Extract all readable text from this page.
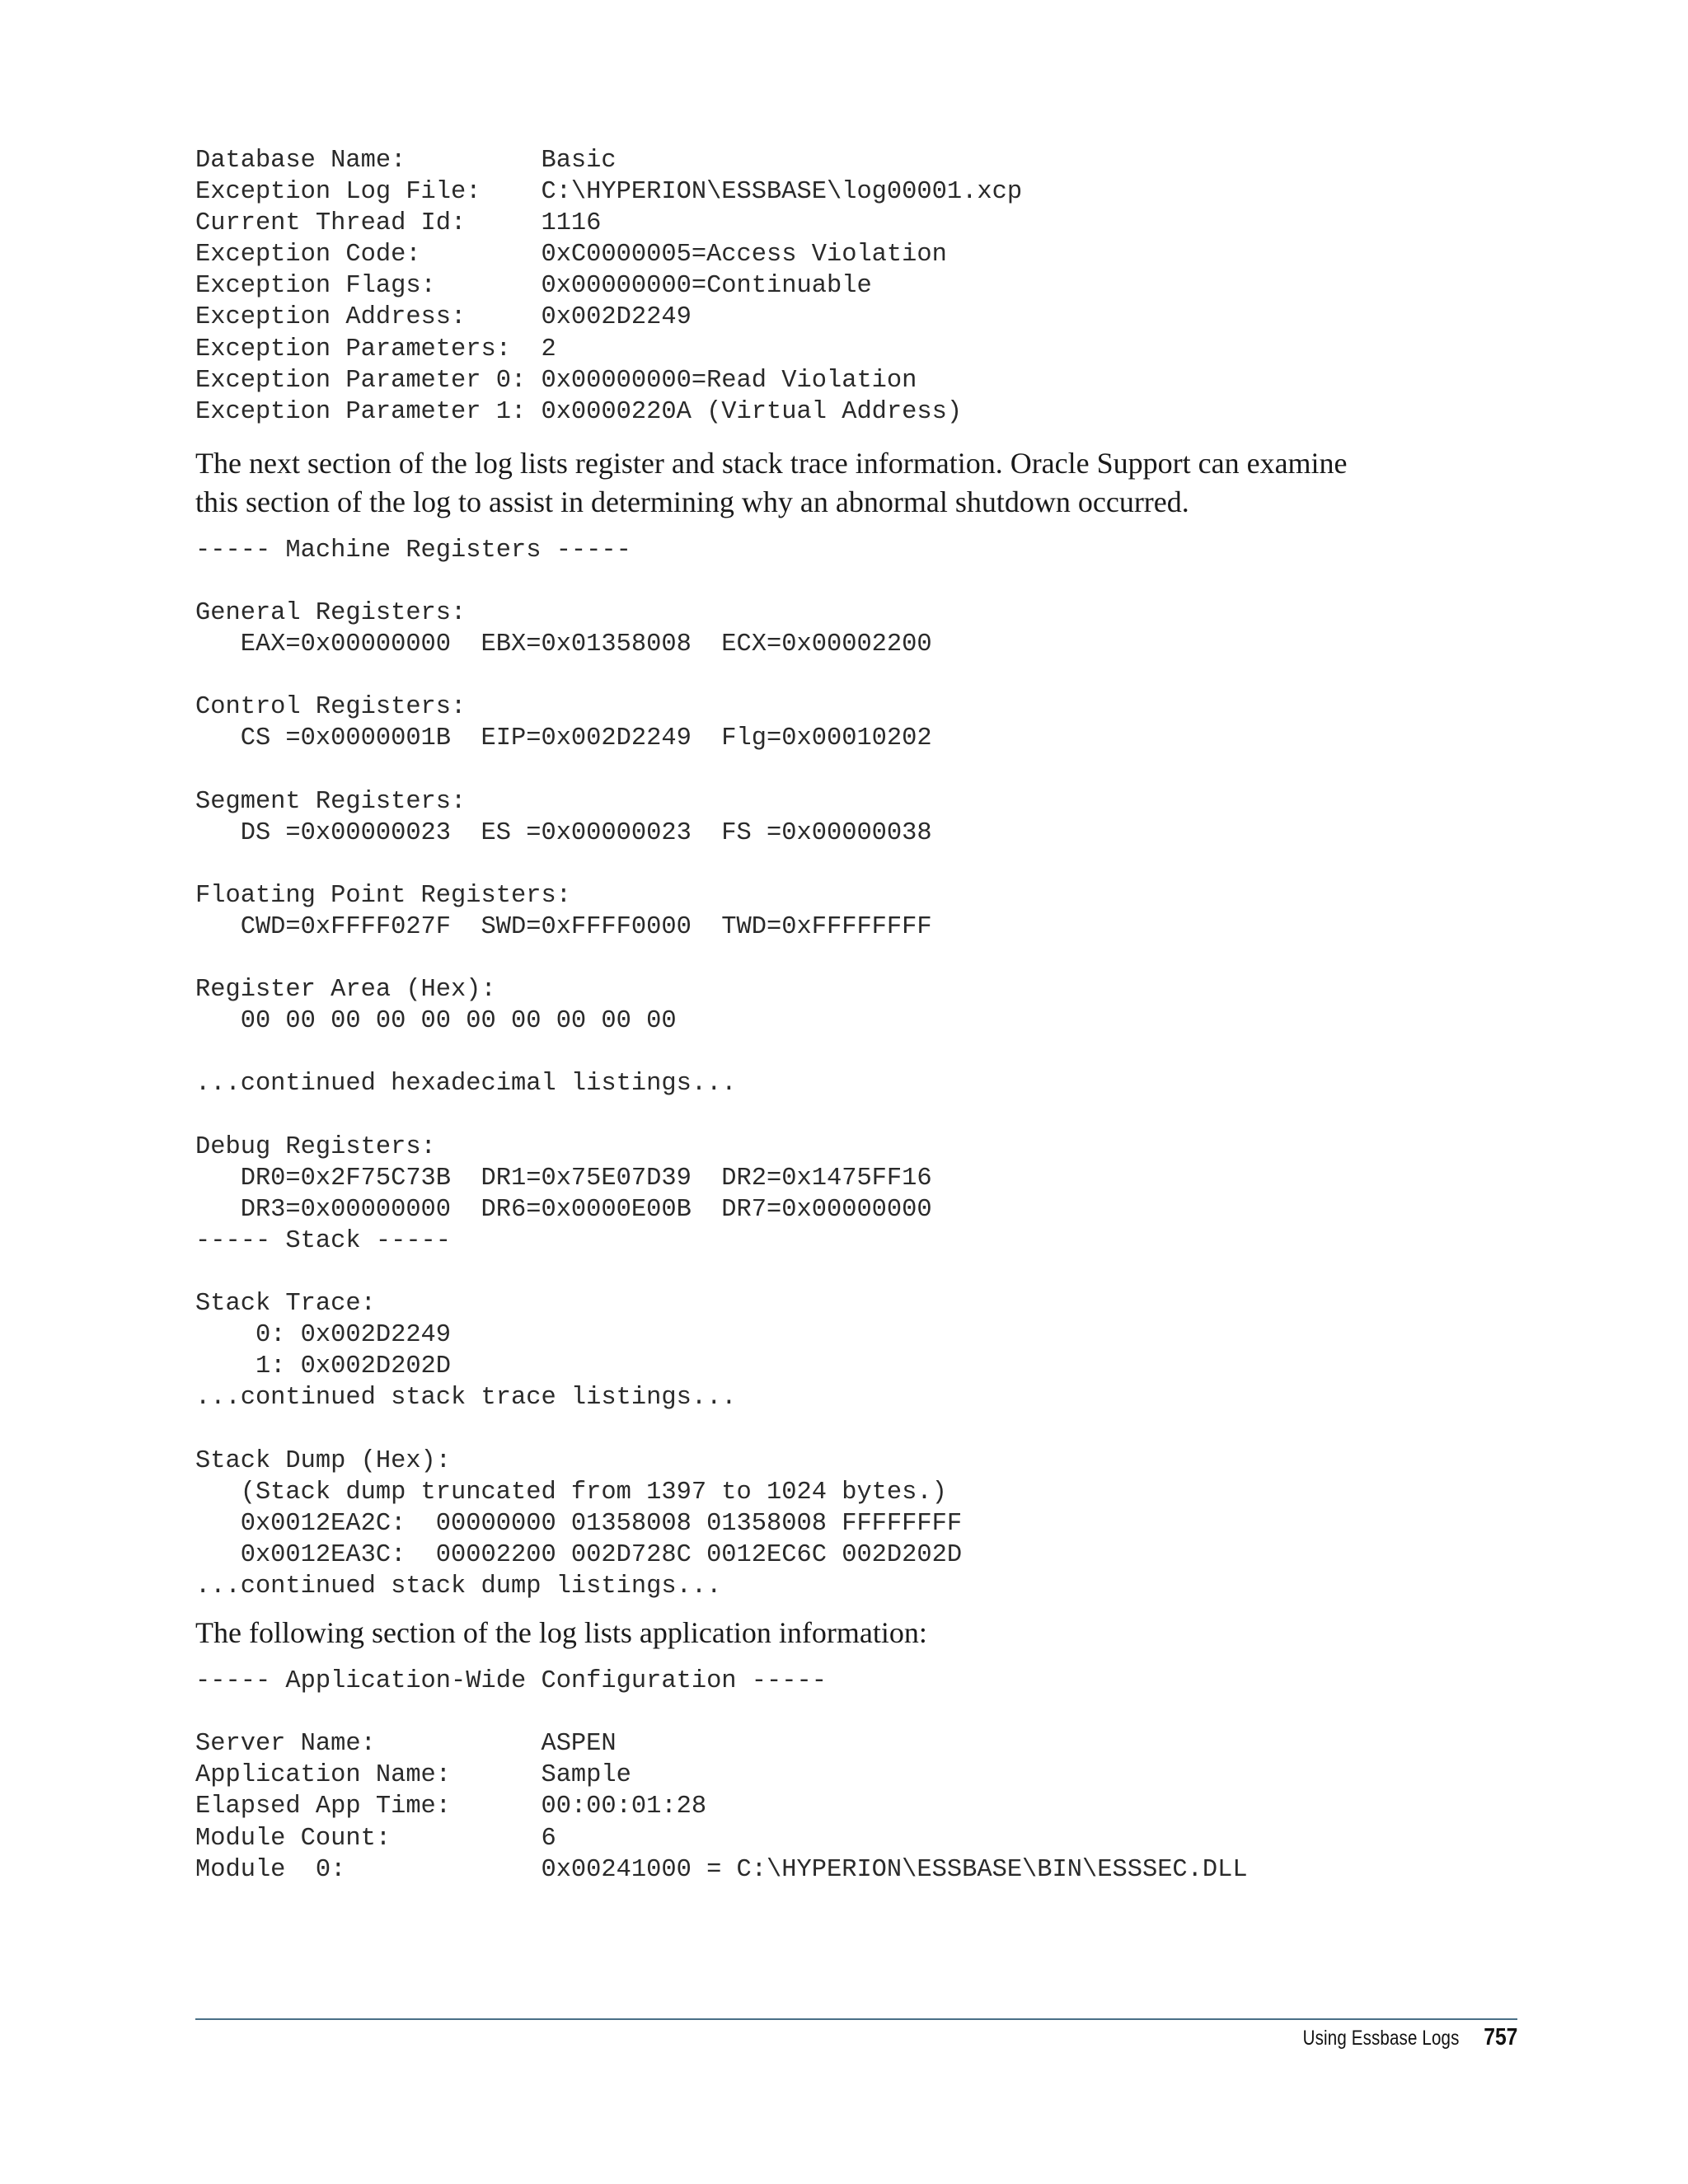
Database Name:         Basic
Exception Log File:    C:\HYPERION\ESSBASE\log00001.xcp
Current Thread Id:     1116
Exception Code:        0xC0000005=Access Violation
Exception Flags:       0x00000000=Continuable
Exception Address:     0x002D2249
Exception Parameters:  2
Exception Parameter 0: 0x00000000=Read Violation
Exception Parameter 1: 0x0000220A (Virtual Address)

The next section of the log lists register and stack trace information. Oracle Support can examine this section of the log to assist in determining why an abnormal shutdown occurred.

----- Machine Registers -----
General Registers:
EAX=0x00000000  EBX=0x01358008  ECX=0x00002200
Control Registers:
CS =0x0000001B  EIP=0x002D2249  Flg=0x00010202
Segment Registers:
DS =0x00000023  ES =0x00000023  FS =0x00000038
Floating Point Registers:
CWD=0xFFFF027F  SWD=0xFFFF0000  TWD=0xFFFFFFFF
Register Area (Hex):
00 00 00 00 00 00 00 00 00 00
...continued hexadecimal listings...
Debug Registers:
DR0=0x2F75C73B  DR1=0x75E07D39  DR2=0x1475FF16
DR3=0x00000000  DR6=0x0000E00B  DR7=0x00000000
----- Stack -----
Stack Trace:
0: 0x002D2249
1: 0x002D202D
...continued stack trace listings...
Stack Dump (Hex):
(Stack dump truncated from 1397 to 1024 bytes.)
0x0012EA2C:  00000000 01358008 01358008 FFFFFFFF
0x0012EA3C:  00002200 002D728C 0012EC6C 002D202D
...continued stack dump listings...

The following section of the log lists application information:

----- Application-Wide Configuration -----
Server Name:           ASPEN
Application Name:      Sample
Elapsed App Time:      00:00:01:28
Module Count:          6
Module  0:             0x00241000 = C:\HYPERION\ESSBASE\BIN\ESSSEC.DLL
Using Essbase Logs 757
